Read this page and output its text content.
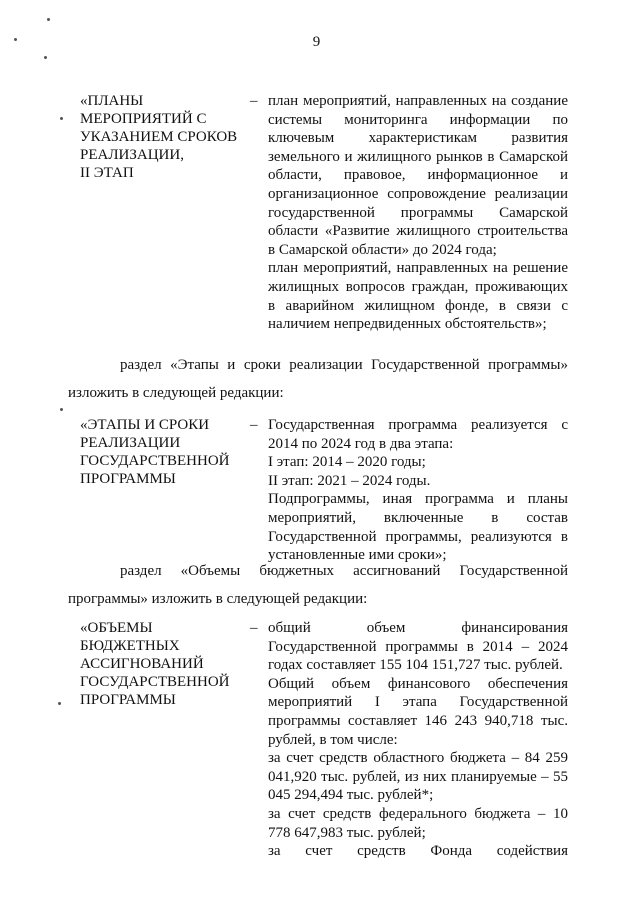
9
«ПЛАНЫ
МЕРОПРИЯТИЙ С
УКАЗАНИЕМ СРОКОВ
РЕАЛИЗАЦИИ,
II ЭТАП
– план мероприятий, направленных на создание системы мониторинга информации по ключевым характеристикам развития земельного и жилищного рынков в Самарской области, правовое, информационное и организационное сопровождение реализации государственной программы Самарской области «Развитие жилищного строительства в Самарской области» до 2024 года;

план мероприятий, направленных на решение жилищных вопросов граждан, проживающих в аварийном жилищном фонде, в связи с наличием непредвиденных обстоятельств»;

раздел «Этапы и сроки реализации Государственной программы»
изложить в следующей редакции:
«ЭТАПЫ И СРОКИ
РЕАЛИЗАЦИИ
ГОСУДАРСТВЕННОЙ
ПРОГРАММЫ
– Государственная программа реализуется с 2014 по 2024 год в два этапа:

I этап: 2014 – 2020 годы;

II этап: 2021 – 2024 годы.

Подпрограммы, иная программа и планы мероприятий, включенные в состав Государственной программы, реализуются в установленные ими сроки»;

раздел «Объемы бюджетных ассигнований Государственной
программы» изложить в следующей редакции:
«ОБЪЕМЫ
БЮДЖЕТНЫХ
АССИГНОВАНИЙ
ГОСУДАРСТВЕННОЙ
ПРОГРАММЫ
– общий объем финансирования Государственной программы в 2014 – 2024 годах составляет 155 104 151,727 тыс. рублей.

Общий объем финансового обеспечения мероприятий I этапа Государственной программы составляет 146 243 940,718 тыс. рублей, в том числе:

за счет средств областного бюджета – 84 259 041,920 тыс. рублей, из них планируемые – 55 045 294,494 тыс. рублей*;

за счет средств федерального бюджета – 10 778 647,983 тыс. рублей;

за счет средств Фонда содействия
